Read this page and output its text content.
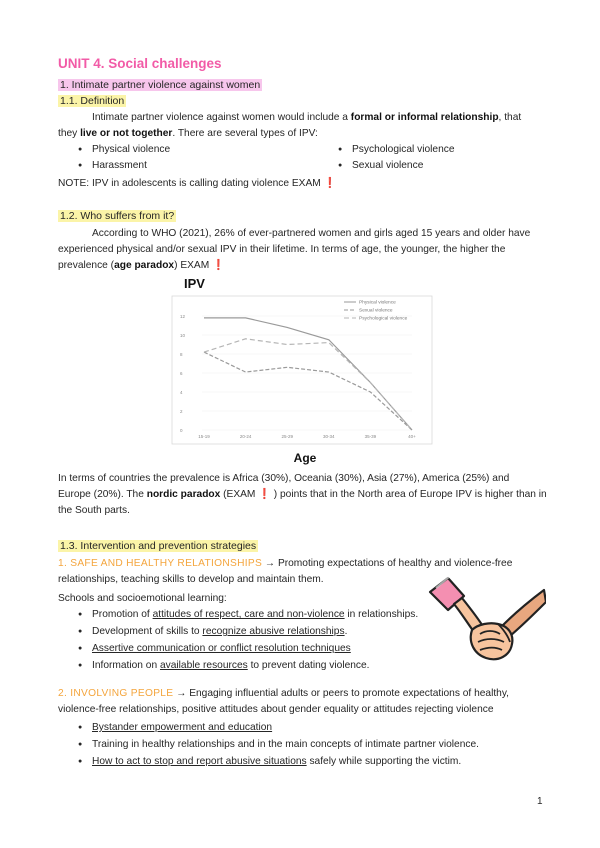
UNIT 4. Social challenges
1. Intimate partner violence against women
1.1. Definition
Intimate partner violence against women would include a formal or informal relationship, that
they live or not together. There are several types of IPV:
● Physical violence	● Psychological violence
● Harassment	● Sexual violence
NOTE: IPV in adolescents is calling dating violence EXAM ❗
1.2. Who suffers from it?
According to WHO (2021), 26% of ever-partnered women and girls aged 15 years and older have
experienced physical and/or sexual IPV in their lifetime. In terms of age, the younger, the higher the
prevalence (age paradox) EXAM ❗
IPV
0
2
4
6
8
10
12
15-19	20-24	25-29	30-34	35-39	40+
Physical violence
Sexual violence
Psychological violence
Age
In terms of countries the prevalence is Africa (30%), Oceania (30%), Asia (27%), America (25%) and
Europe (20%). The nordic paradox (EXAM ❗ ) points that in the North area of Europe IPV is higher than in
the South parts.
1.3. Intervention and prevention strategies
1. SAFE AND HEALTHY RELATIONSHIPS → Promoting expectations of healthy and violence-free
relationships, teaching skills to develop and maintain them.
Schools and socioemotional learning:
● Promotion of attitudes of respect, care and non-violence in relationships.
● Development of skills to recognize abusive relationships.
● Assertive communication or conflict resolution techniques
● Information on available resources to prevent dating violence.
2. INVOLVING PEOPLE → Engaging influential adults or peers to promote expectations of healthy,
violence-free relationships, positive attitudes about gender equality or attitudes rejecting violence
● Bystander empowerment and education
● Training in healthy relationships and in the main concepts of intimate partner violence.
● How to act to stop and report abusive situations safely while supporting the victim.
1
